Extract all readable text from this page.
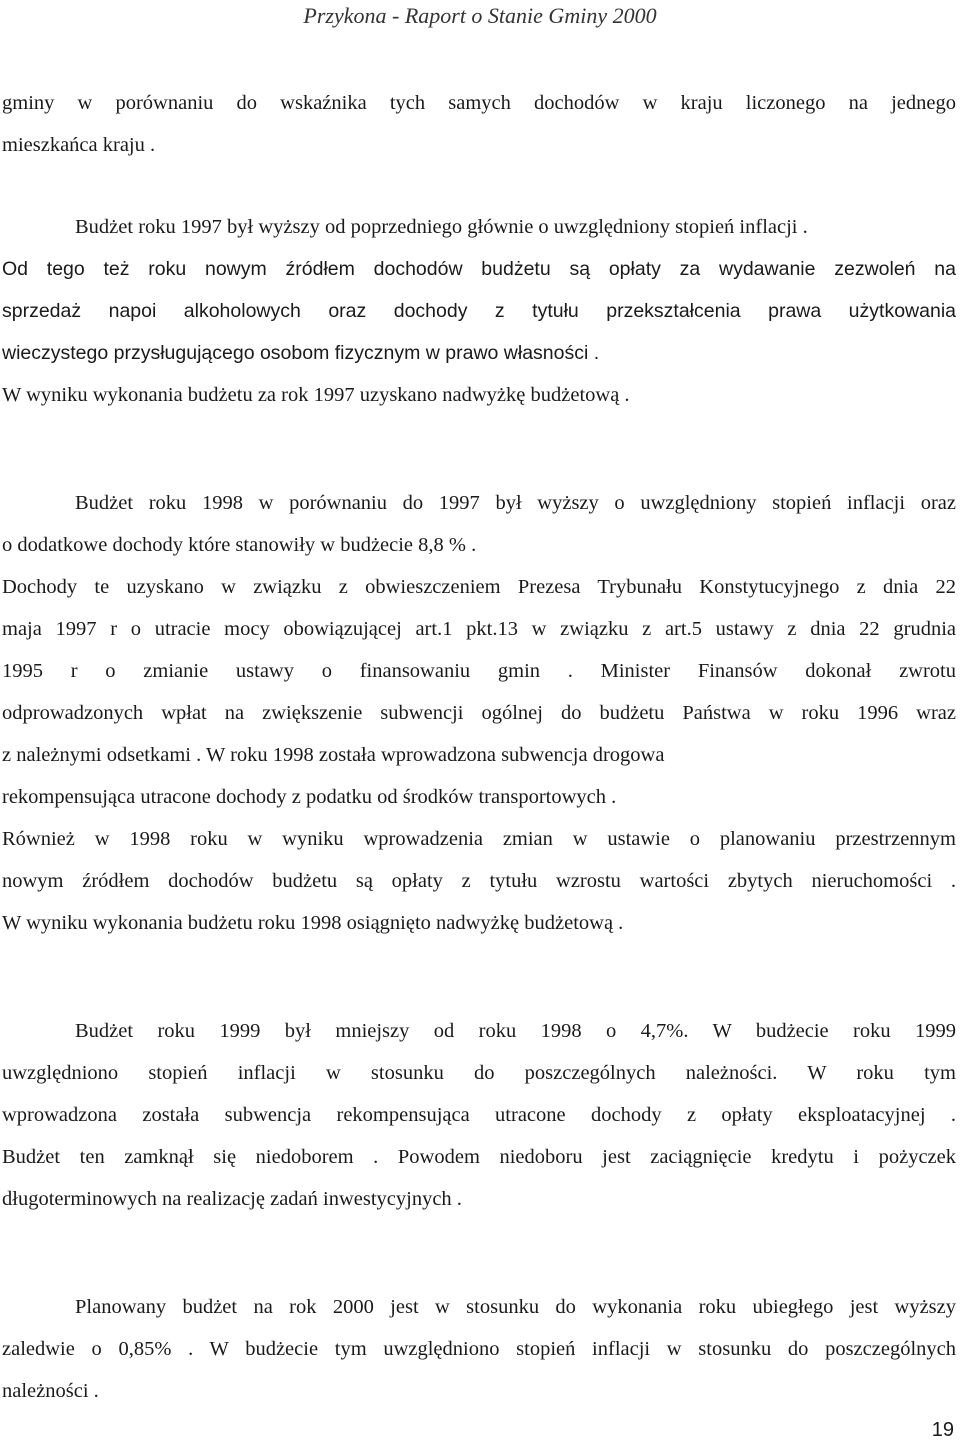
Przykona - Raport o Stanie Gminy 2000
gminy w porównaniu do wskaźnika tych samych dochodów w kraju liczonego na jednego
mieszkańca kraju .
Budżet roku 1997 był wyższy od poprzedniego głównie o uwzględniony stopień inflacji .
Od tego też roku nowym źródłem dochodów budżetu są opłaty za wydawanie zezwoleń na
sprzedaż napoi alkoholowych oraz dochody z tytułu przekształcenia prawa użytkowania
wieczystego przysługującego osobom fizycznym w prawo własności .
W wyniku wykonania budżetu za rok 1997 uzyskano nadwyżkę budżetową .
Budżet roku 1998 w porównaniu do 1997 był wyższy o uwzględniony stopień inflacji oraz
o dodatkowe dochody które stanowiły w budżecie 8,8 % .
Dochody te uzyskano w związku z obwieszczeniem Prezesa Trybunału Konstytucyjnego z dnia 22
maja 1997 r o utracie mocy obowiązującej art.1 pkt.13 w związku z art.5 ustawy z dnia 22 grudnia
1995 r o zmianie ustawy o finansowaniu gmin . Minister Finansów dokonał zwrotu
odprowadzonych wpłat na zwiększenie subwencji ogólnej do budżetu Państwa w roku 1996 wraz
z należnymi odsetkami . W roku 1998 została wprowadzona subwencja drogowa
rekompensująca utracone dochody z podatku od środków transportowych .
Również w 1998 roku w wyniku wprowadzenia zmian w ustawie o planowaniu przestrzennym
nowym źródłem dochodów budżetu są opłaty z tytułu wzrostu wartości zbytych nieruchomości .
W wyniku wykonania budżetu roku 1998 osiągnięto nadwyżkę budżetową .
Budżet roku 1999 był mniejszy od roku 1998 o 4,7%. W budżecie roku 1999
uwzględniono stopień inflacji w stosunku do poszczególnych należności. W roku tym
wprowadzona została subwencja rekompensująca utracone dochody z opłaty eksploatacyjnej .
Budżet ten zamknął się niedoborem . Powodem niedoboru jest zaciągnięcie kredytu i pożyczek
długoterminowych na realizację zadań inwestycyjnych .
Planowany budżet na rok 2000 jest w stosunku do wykonania roku ubiegłego jest wyższy
zaledwie o 0,85% . W budżecie tym uwzględniono stopień inflacji w stosunku do poszczególnych
należności .
19
